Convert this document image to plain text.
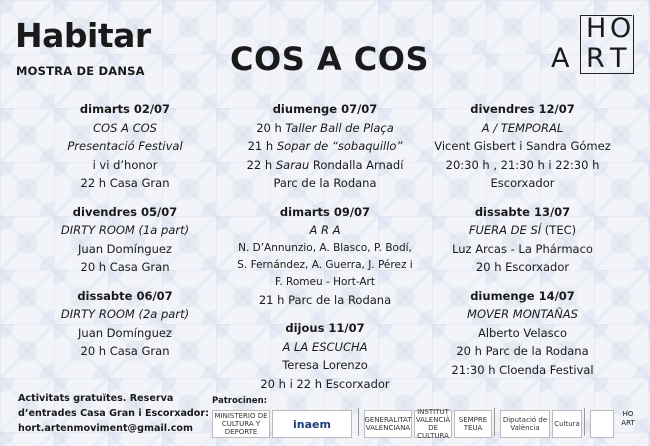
Habitar
MOSTRA DE DANSA	COS A COS
H O
A R T
dimarts 02/07
COS A COS
Presentació Festival
i vi d’honor
22 h Casa Gran
divendres 05/07
DIRTY ROOM (1a part)
Juan Domínguez
20 h Casa Gran
dissabte 06/07
DIRTY ROOM (2a part)
Juan Domínguez
20 h Casa Gran
diumenge 07/07
20 h Taller Ball de Plaça
21 h Sopar de “sobaquillo”
22 h Sarau Rondalla Arnadí
Parc de la Rodana
dimarts 09/07
A R A
N. D’Annunzio, A. Blasco, P. Bodí,
S. Fernández, A. Guerra, J. Pérez i
F. Romeu - Hort-Art
21 h Parc de la Rodana
dijous 11/07
A LA ESCUCHA
Teresa Lorenzo
20 h i 22 h Escorxador
divendres 12/07
A / TEMPORAL
Vicent Gisbert i Sandra Gómez
20:30 h , 21:30 h i 22:30 h
Escorxador
dissabte 13/07
FUERA DE SÍ (TEC)
Luz Arcas - La Phármaco
20 h Escorxador
diumenge 14/07
MOVER MONTAÑAS
Alberto Velasco
20 h Parc de la Rodana
21:30 h Cloenda Festival
Activitats gratuïtes. Reserva
d’entrades Casa Gran i Escorxador:
hort.artenmoviment@gmail.com
Patrocinen:
MINISTERIO DE CULTURA Y DEPORTE
inaem	GENERALITAT VALENCIANA
INSTITUT VALENCIÀ DE CULTURA
SEMPRE TEUA
Diputació de València	Cultura
HO
ART
